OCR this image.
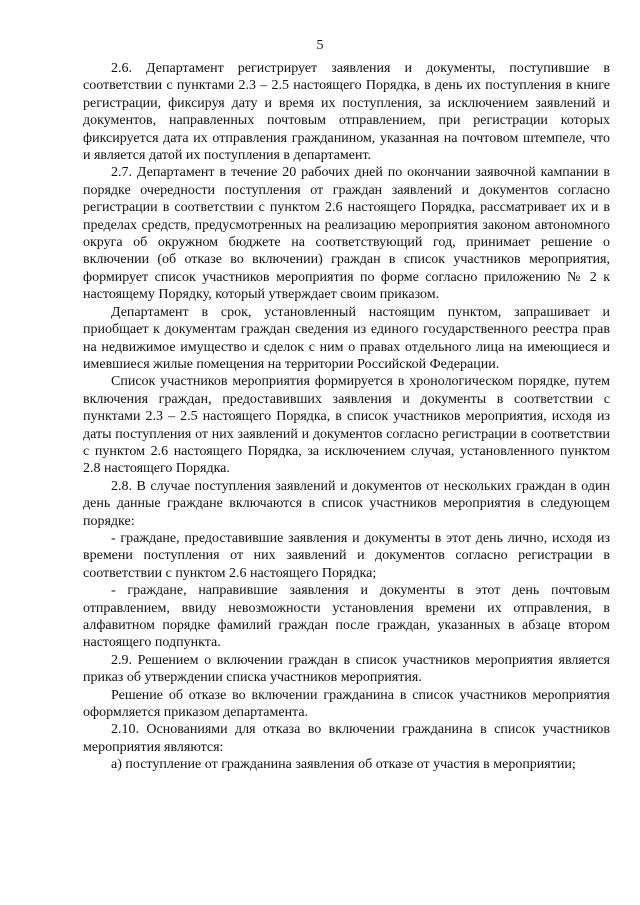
5

2.6. Департамент регистрирует заявления и документы, поступившие в соответствии с пунктами 2.3 – 2.5 настоящего Порядка, в день их поступления в книге регистрации, фиксируя дату и время их поступления, за исключением заявлений и документов, направленных почтовым отправлением, при регистрации которых фиксируется дата их отправления гражданином, указанная на почтовом штемпеле, что и является датой их поступления в департамент.

2.7. Департамент в течение 20 рабочих дней по окончании заявочной кампании в порядке очередности поступления от граждан заявлений и документов согласно регистрации в соответствии с пунктом 2.6 настоящего Порядка, рассматривает их и в пределах средств, предусмотренных на реализацию мероприятия законом автономного округа об окружном бюджете на соответствующий год, принимает решение о включении (об отказе во включении) граждан в список участников мероприятия, формирует список участников мероприятия по форме согласно приложению № 2 к настоящему Порядку, который утверждает своим приказом.

Департамент в срок, установленный настоящим пунктом, запрашивает и приобщает к документам граждан сведения из единого государственного реестра прав на недвижимое имущество и сделок с ним о правах отдельного лица на имеющиеся и имевшиеся жилые помещения на территории Российской Федерации.

Список участников мероприятия формируется в хронологическом порядке, путем включения граждан, предоставивших заявления и документы в соответствии с пунктами 2.3 – 2.5 настоящего Порядка, в список участников мероприятия, исходя из даты поступления от них заявлений и документов согласно регистрации в соответствии с пунктом 2.6 настоящего Порядка, за исключением случая, установленного пунктом 2.8 настоящего Порядка.

2.8. В случае поступления заявлений и документов от нескольких граждан в один день данные граждане включаются в список участников мероприятия в следующем порядке:

- граждане, предоставившие заявления и документы в этот день лично, исходя из времени поступления от них заявлений и документов согласно регистрации в соответствии с пунктом 2.6 настоящего Порядка;

- граждане, направившие заявления и документы в этот день почтовым отправлением, ввиду невозможности установления времени их отправления, в алфавитном порядке фамилий граждан после граждан, указанных в абзаце втором настоящего подпункта.

2.9. Решением о включении граждан в список участников мероприятия является приказ об утверждении списка участников мероприятия.

Решение об отказе во включении гражданина в список участников мероприятия оформляется приказом департамента.

2.10. Основаниями для отказа во включении гражданина в список участников мероприятия являются:

а) поступление от гражданина заявления об отказе от участия в мероприятии;
